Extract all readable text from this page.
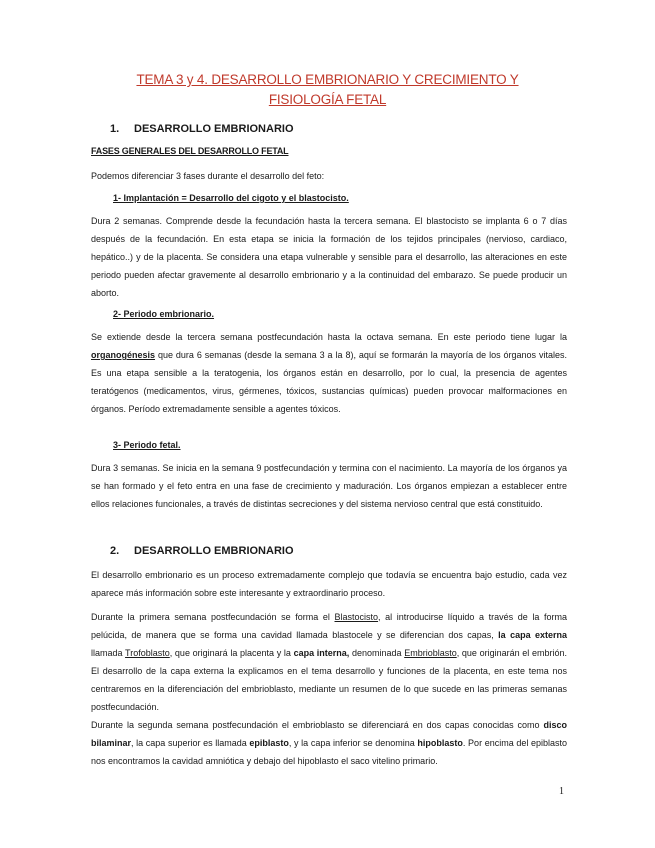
TEMA 3 y 4. DESARROLLO EMBRIONARIO Y CRECIMIENTO Y
FISIOLOGÍA FETAL
1. DESARROLLO EMBRIONARIO
FASES GENERALES DEL DESARROLLO FETAL
Podemos diferenciar 3 fases durante el desarrollo del feto:
1- Implantación = Desarrollo del cigoto y el blastocisto.

Dura 2 semanas. Comprende desde la fecundación hasta la tercera semana. El blastocisto se implanta 6 o 7 días después de la fecundación. En esta etapa se inicia la formación de los tejidos principales (nervioso, cardiaco, hepático..) y de la placenta. Se considera una etapa vulnerable y sensible para el desarrollo, las alteraciones en este periodo pueden afectar gravemente al desarrollo embrionario y a la continuidad del embarazo. Se puede producir un aborto.

2- Periodo embrionario.

Se extiende desde la tercera semana postfecundación hasta la octava semana. En este periodo tiene lugar la organogénesis que dura 6 semanas (desde la semana 3 a la 8), aquí se formarán la mayoría de los órganos vitales. Es una etapa sensible a la teratogenia, los órganos están en desarrollo, por lo cual, la presencia de agentes teratógenos (medicamentos, virus, gérmenes, tóxicos, sustancias químicas) pueden provocar malformaciones en órganos. Período extremadamente sensible a agentes tóxicos.

3- Periodo fetal.

Dura 3 semanas. Se inicia en la semana 9 postfecundación y termina con el nacimiento. La mayoría de los órganos ya se han formado y el feto entra en una fase de crecimiento y maduración. Los órganos empiezan a establecer entre ellos relaciones funcionales, a través de distintas secreciones y del sistema nervioso central que está constituido.

2. DESARROLLO EMBRIONARIO

El desarrollo embrionario es un proceso extremadamente complejo que todavía se encuentra bajo estudio, cada vez aparece más información sobre este interesante y extraordinario proceso.

Durante la primera semana postfecundación se forma el Blastocisto, al introducirse líquido a través de la forma pelúcida, de manera que se forma una cavidad llamada blastocele y se diferencian dos capas, la capa externa llamada Trofoblasto, que originará la placenta y la capa interna, denominada Embrioblasto, que originarán el embrión. El desarrollo de la capa externa la explicamos en el tema desarrollo y funciones de la placenta, en este tema nos centraremos en la diferenciación del embrioblasto, mediante un resumen de lo que sucede en las primeras semanas postfecundación.

Durante la segunda semana postfecundación el embrioblasto se diferenciará en dos capas conocidas como disco bilaminar, la capa superior es llamada epiblasto, y la capa inferior se denomina hipoblasto. Por encima del epiblasto nos encontramos la cavidad amniótica y debajo del hipoblasto el saco vitelino primario.

1
